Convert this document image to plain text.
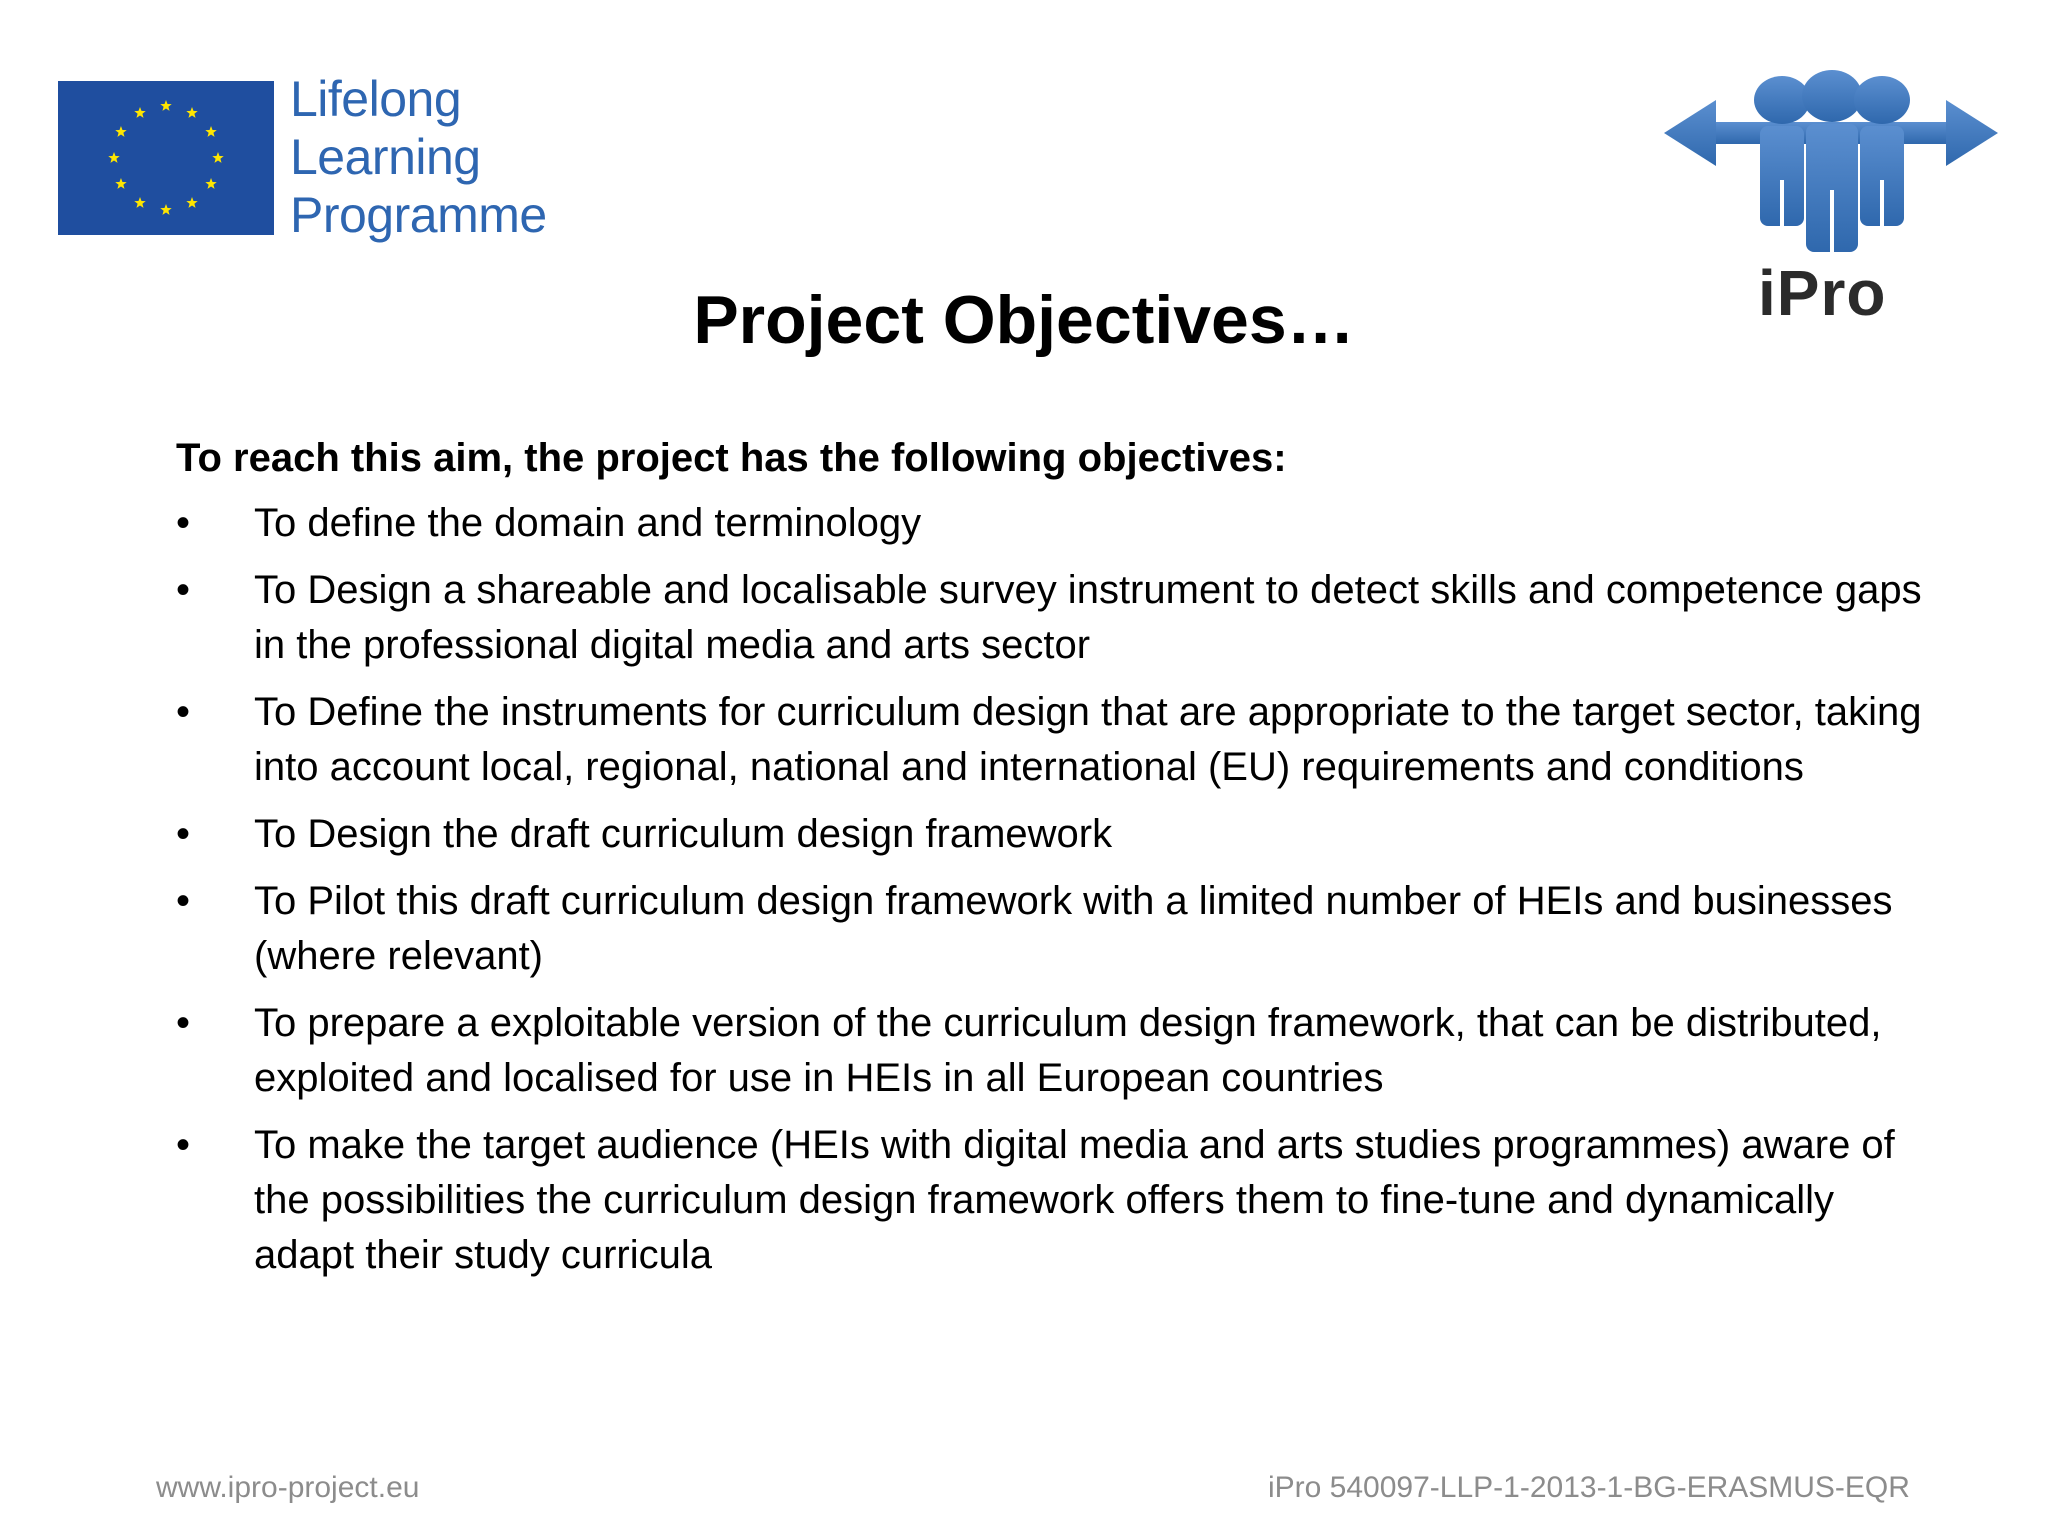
Lifelong
Learning
Programme
iPro
Project Objectives…
To reach this aim, the project has the following objectives:
•	To define the domain and terminology
•	To Design a shareable and localisable survey instrument to detect skills and competence gaps in the professional digital media and arts sector
•	To Define the instruments for curriculum design that are appropriate to the target sector, taking into account local, regional, national and international (EU) requirements and conditions
•	To Design the draft curriculum design framework
•	To Pilot this draft curriculum design framework with a limited number of HEIs and businesses (where relevant)
•	To prepare a exploitable version of the curriculum design framework, that can be distributed, exploited and localised for use in HEIs in all European countries
•	To make the target audience (HEIs with digital media and arts studies programmes) aware of the possibilities the curriculum design framework offers them to fine-tune and dynamically adapt their study curricula
www.ipro-project.eu	iPro 540097-LLP-1-2013-1-BG-ERASMUS-EQR
